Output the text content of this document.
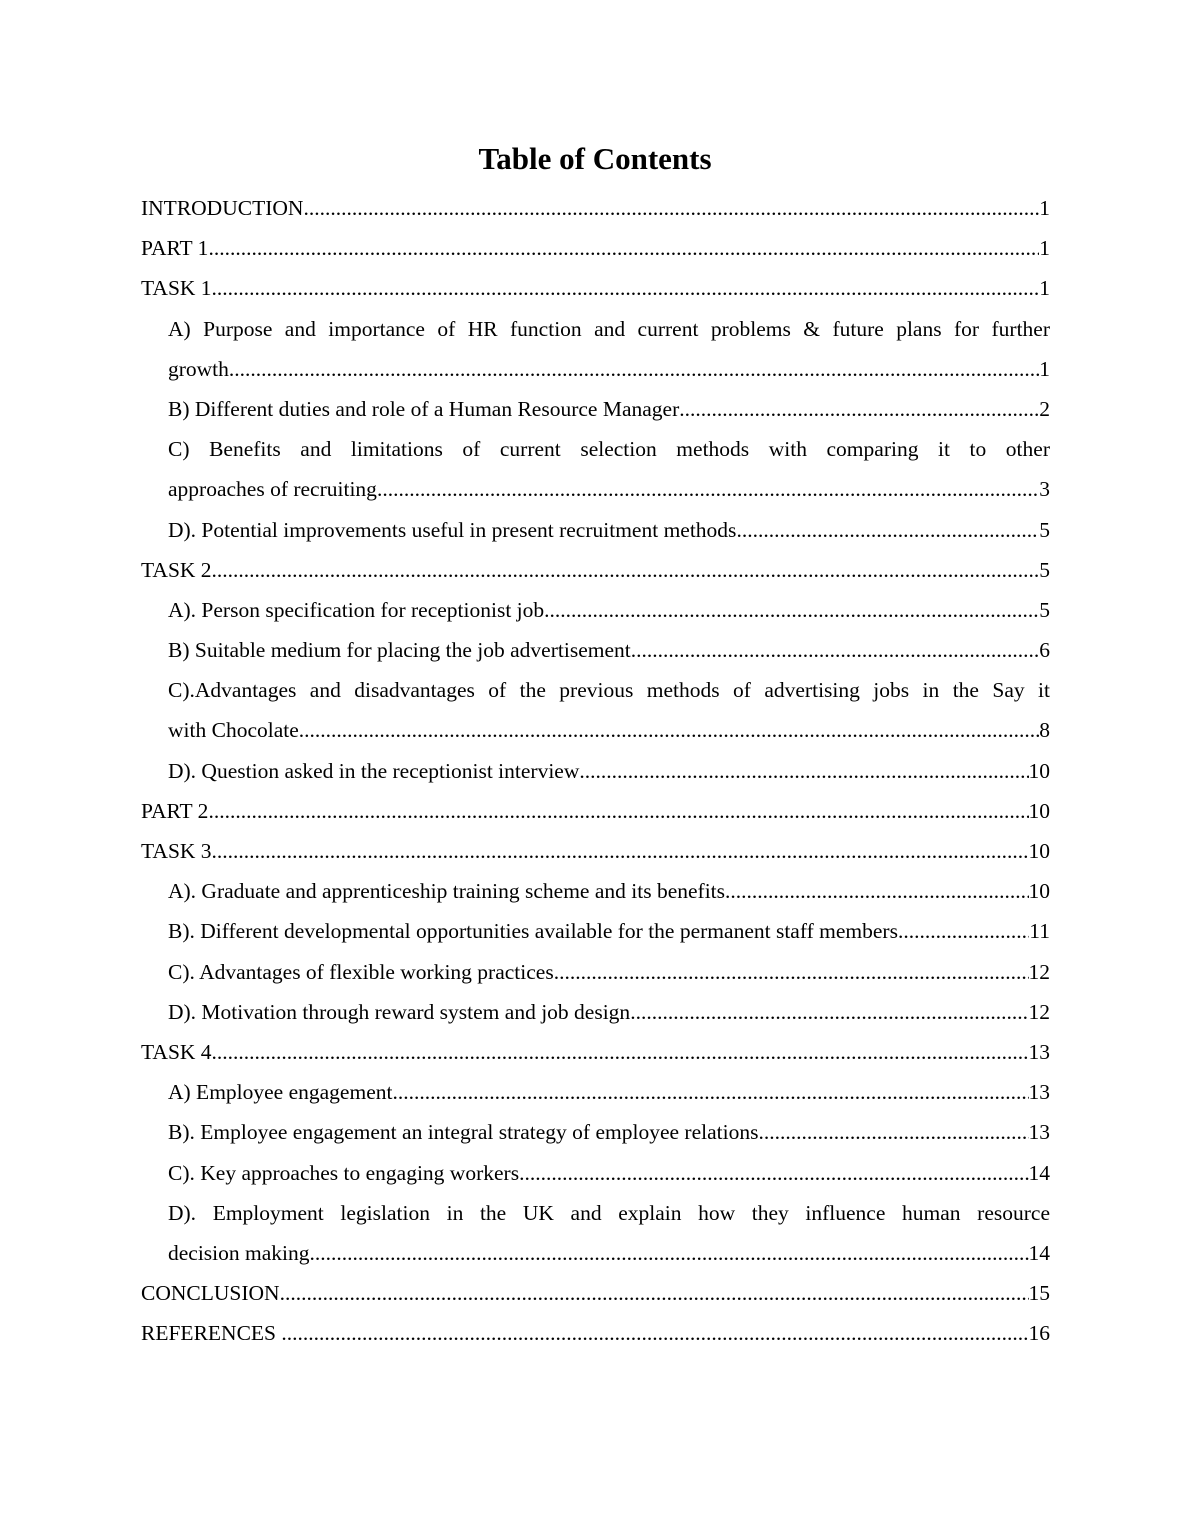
Table of Contents
INTRODUCTION .....	1
PART 1 .....	1
TASK 1 .....	1
A) Purpose and importance of HR function and current problems & future plans for further
growth .....	1
B) Different duties and role of a Human Resource Manager .....	2
C) Benefits and limitations of current selection methods with comparing it to other
approaches of recruiting .....	3
D). Potential improvements useful in present recruitment methods .....	5
TASK 2 .....	5
A). Person specification for receptionist job .....	5
B) Suitable medium for placing the job advertisement .....	6
C).Advantages and disadvantages of the previous methods of advertising jobs in the Say it
with Chocolate .....	8
D). Question asked in the receptionist interview .....	10
PART 2 .....	10
TASK 3 .....	10
A). Graduate and apprenticeship training scheme and its benefits .....	10
B). Different developmental opportunities available for the permanent staff members .....	11
C). Advantages of flexible working practices .....	12
D). Motivation through reward system and job design .....	12
TASK 4 .....	13
A) Employee engagement .....	13
B). Employee engagement an integral strategy of employee relations .....	13
C). Key approaches to engaging workers .....	14
D). Employment legislation in the UK and explain how they influence human resource
decision making .....	14
CONCLUSION .....	15
REFERENCES .....	16
